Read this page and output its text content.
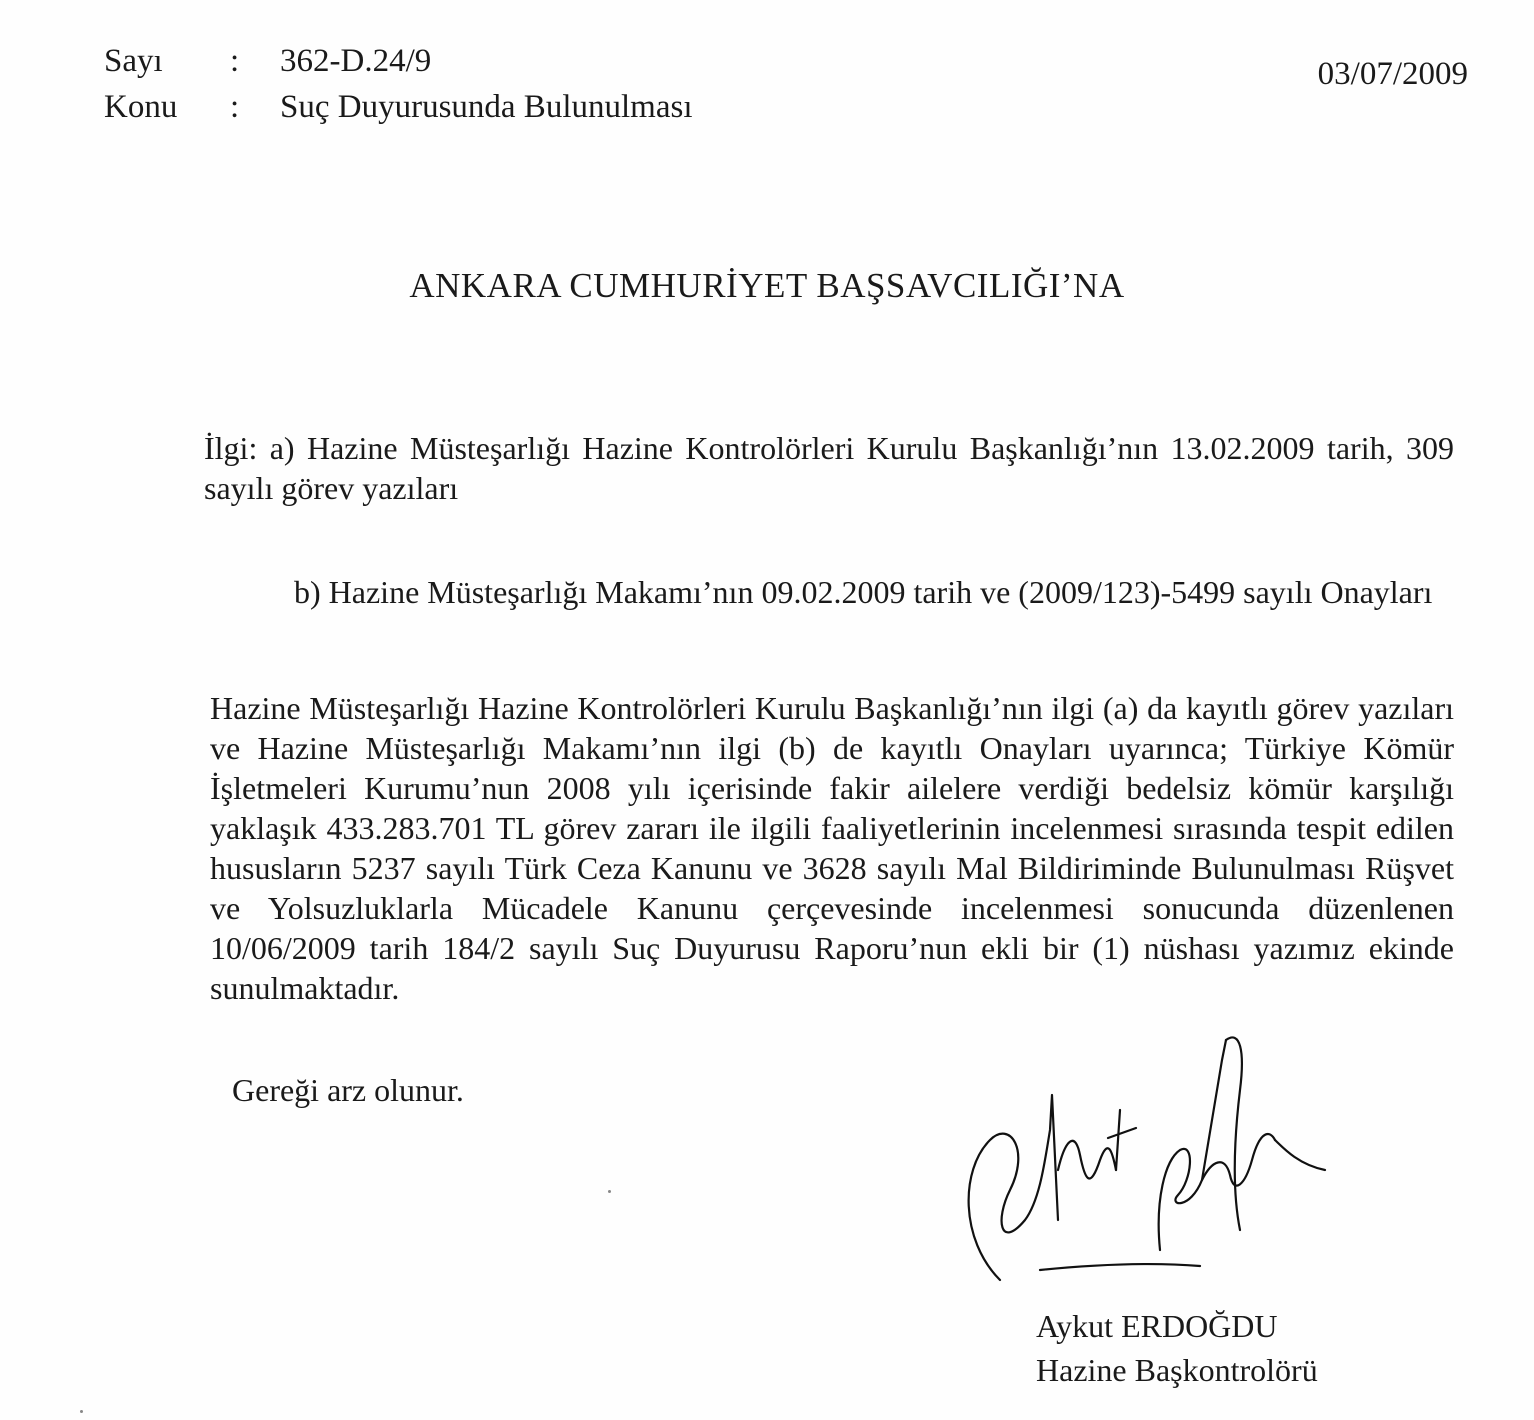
Sayı	:	362-D.24/9
Konu	:	Suç Duyurusunda Bulunulması
03/07/2009
ANKARA CUMHURİYET BAŞSAVCILIĞI’NA
İlgi: a) Hazine Müsteşarlığı Hazine Kontrolörleri Kurulu Başkanlığı’nın 13.02.2009 tarih, 309 sayılı görev yazıları
b) Hazine Müsteşarlığı Makamı’nın 09.02.2009 tarih ve (2009/123)-5499 sayılı Onayları
Hazine Müsteşarlığı Hazine Kontrolörleri Kurulu Başkanlığı’nın ilgi (a) da kayıtlı görev yazıları ve Hazine Müsteşarlığı Makamı’nın ilgi (b) de kayıtlı Onayları uyarınca; Türkiye Kömür İşletmeleri Kurumu’nun 2008 yılı içerisinde fakir ailelere verdiği bedelsiz kömür karşılığı yaklaşık 433.283.701 TL görev zararı ile ilgili faaliyetlerinin incelenmesi sırasında tespit edilen hususların 5237 sayılı Türk Ceza Kanunu ve 3628 sayılı Mal Bildiriminde Bulunulması Rüşvet ve Yolsuzluklarla Mücadele Kanunu çerçevesinde incelenmesi sonucunda düzenlenen 10/06/2009 tarih 184/2 sayılı Suç Duyurusu Raporu’nun ekli bir (1) nüshası yazımız ekinde sunulmaktadır.
Gereği arz olunur.
Aykut ERDOĞDU
Hazine Başkontrolörü
